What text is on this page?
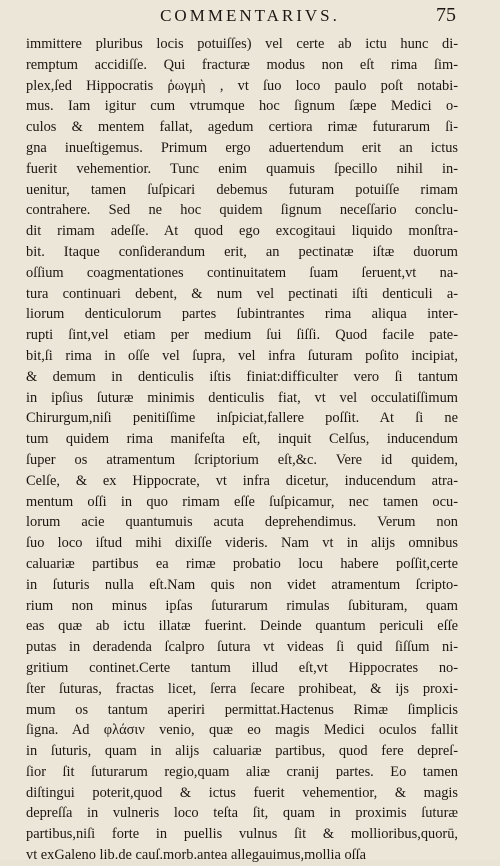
COMMENTARIVS.	75
immittere pluribus locis potuiſſes) vel certe ab ictu hunc di-
remptum accidiſſe. Qui fracturæ modus non eſt rima ſim-
plex,ſed Hippocratis ῥωγμὴ , vt ſuo loco paulo poſt notabi-
mus. Iam igitur cum vtrumque hoc ſignum ſæpe Medici o-
culos & mentem fallat, agedum certiora rimæ futurarum ſi-
gna inueſtigemus. Primum ergo aduertendum erit an ictus
fuerit vehementior. Tunc enim quamuis ſpecillo nihil in-
uenitur, tamen ſuſpicari debemus futuram potuiſſe rimam
contrahere. Sed ne hoc quidem ſignum neceſſario conclu-
dit rimam adeſſe. At quod ego excogitaui liquido monſtra-
bit. Itaque conſiderandum erit, an pectinatæ iſtæ duorum
oſſium coagmentationes continuitatem ſuam ſeruent,vt na-
tura continuari debent, & num vel pectinati iſti denticuli a-
liorum denticulorum partes ſubintrantes rima aliqua inter-
rupti ſint,vel etiam per medium ſui ſiſſi. Quod facile pate-
bit,ſi rima in oſſe vel ſupra, vel infra ſuturam poſito incipiat,
& demum in denticulis iſtis finiat:difficulter vero ſi tantum
in ipſius ſuturæ minimis denticulis fiat, vt vel occulatiſſimum
Chirurgum,niſi penitiſſime inſpiciat,fallere poſſit. At ſi ne
tum quidem rima manifeſta eſt, inquit Celſus, inducendum
ſuper os atramentum ſcriptorium eſt,&c. Vere id quidem,
Celſe, & ex Hippocrate, vt infra dicetur, inducendum atra-
mentum oſſi in quo rimam eſſe ſuſpicamur, nec tamen ocu-
lorum acie quantumuis acuta deprehendimus. Verum non
ſuo loco iſtud mihi dixiſſe videris. Nam vt in alijs omnibus
caluariæ partibus ea rimæ probatio locu habere poſſit,certe
in ſuturis nulla eſt.Nam quis non videt atramentum ſcripto-
rium non minus ipſas ſuturarum rimulas ſubituram, quam
eas quæ ab ictu illatæ fuerint. Deinde quantum periculi eſſe
putas in deradenda ſcalpro ſutura vt videas ſi quid ſiſſum ni-
gritium continet.Certe tantum illud eſt,vt Hippocrates no-
ſter ſuturas, fractas licet, ſerra ſecare prohibeat, & ijs proxi-
mum os tantum aperiri permittat.Hactenus Rimæ ſimplicis
ſigna. Ad φλάσιν venio, quæ eo magis Medici oculos fallit
in ſuturis, quam in alijs caluariæ partibus, quod fere depreſ-
ſior ſit ſuturarum regio,quam aliæ cranij partes. Eo tamen
diſtingui poterit,quod & ictus fuerit vehementior, & magis
depreſſa in vulneris loco teſta ſit, quam in proximis ſuturæ
partibus,niſi forte in puellis vulnus ſit & mollioribus,quorū,
vt exGaleno lib.de cauſ.morb.antea allegauimus,mollia oſſa
